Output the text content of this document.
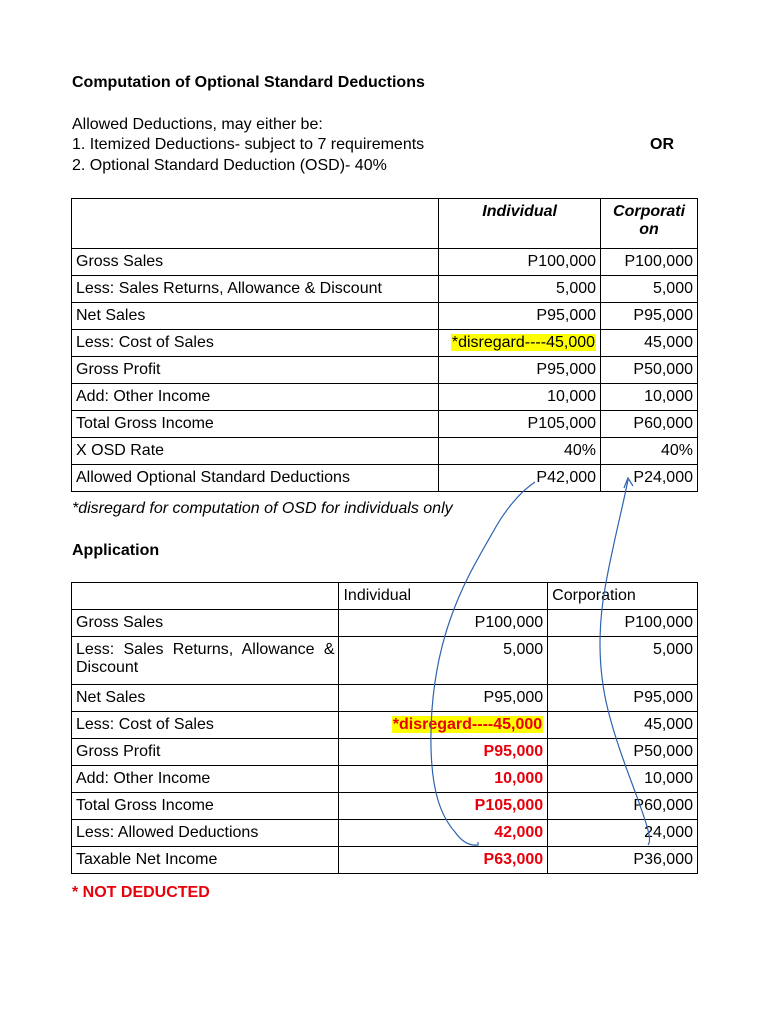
Computation of Optional Standard Deductions
Allowed Deductions, may either be:
1. Itemized Deductions- subject to 7 requirements	OR
2. Optional Standard Deduction (OSD)- 40%
	Individual	Corporati on
Gross Sales	P100,000	P100,000
Less: Sales Returns, Allowance & Discount	5,000	5,000
Net Sales	P95,000	P95,000
Less: Cost of Sales	*disregard----45,000	45,000
Gross Profit	P95,000	P50,000
Add: Other Income	10,000	10,000
Total Gross Income	P105,000	P60,000
X OSD Rate	40%	40%
Allowed Optional Standard Deductions	P42,000	P24,000
*disregard for computation of OSD for individuals only
Application
	Individual	Corporation
Gross Sales	P100,000	P100,000
Less: Sales Returns, Allowance & Discount	5,000	5,000
Net Sales	P95,000	P95,000
Less: Cost of Sales	*disregard----45,000	45,000
Gross Profit	P95,000	P50,000
Add: Other Income	10,000	10,000
Total Gross Income	P105,000	P60,000
Less: Allowed Deductions	42,000	24,000
Taxable Net Income	P63,000	P36,000
* NOT DEDUCTED
